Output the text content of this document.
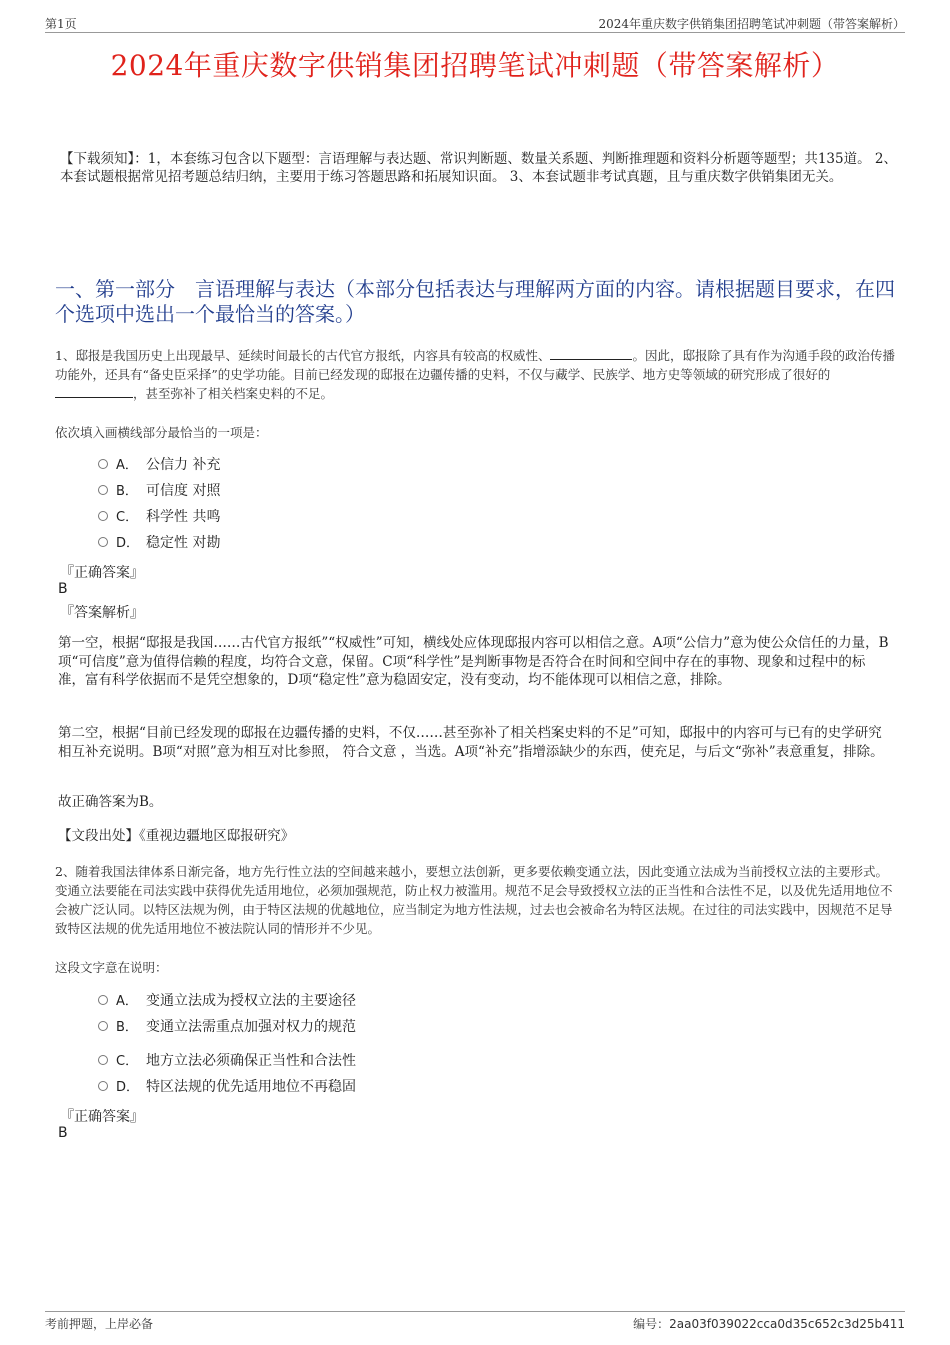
第1页	2024年重庆数字供销集团招聘笔试冲刺题（带答案解析）
2024年重庆数字供销集团招聘笔试冲刺题（带答案解析）
【下载须知】：1，本套练习包含以下题型：言语理解与表达题、常识判断题、数量关系题、判断推理题和资料分析题等题型；共135道。 2、本套试题根据常见招考题总结归纳，主要用于练习答题思路和拓展知识面。 3、本套试题非考试真题，且与重庆数字供销集团无关。
一、第一部分　言语理解与表达（本部分包括表达与理解两方面的内容。请根据题目要求，在四个选项中选出一个最恰当的答案。）
1、邸报是我国历史上出现最早、延续时间最长的古代官方报纸，内容具有较高的权威性、	。因此，邸报除了具有作为沟通手段的政治传播功能外，还具有“备史臣采择”的史学功能。目前已经发现的邸报在边疆传播的史料，不仅与藏学、民族学、地方史等领域的研究形成了很好的，甚至弥补了相关档案史料的不足。
依次填入画横线部分最恰当的一项是：
A． 公信力 补充
B． 可信度 对照
C． 科学性 共鸣
D． 稳定性 对勘
『正确答案』
B
『答案解析』
第一空，根据“邸报是我国……古代官方报纸”“权威性”可知，横线处应体现邸报内容可以相信之意。A项“公信力”意为使公众信任的力量，B项“可信度”意为值得信赖的程度，均符合文意，保留。C项“科学性”是判断事物是否符合在时间和空间中存在的事物、现象和过程中的标准，富有科学依据而不是凭空想象的，D项“稳定性”意为稳固安定，没有变动，均不能体现可以相信之意，排除。
第二空，根据“目前已经发现的邸报在边疆传播的史料，不仅……甚至弥补了相关档案史料的不足”可知，邸报中的内容可与已有的史学研究相互补充说明。B项“对照”意为相互对比参照， 符合文意 ，当选。A项“补充”指增添缺少的东西，使充足，与后文“弥补”表意重复，排除。
故正确答案为B。
【文段出处】《重视边疆地区邸报研究》
2、随着我国法律体系日渐完备，地方先行性立法的空间越来越小，要想立法创新，更多要依赖变通立法，因此变通立法成为当前授权立法的主要形式。变通立法要能在司法实践中获得优先适用地位，必须加强规范，防止权力被滥用。规范不足会导致授权立法的正当性和合法性不足，以及优先适用地位不会被广泛认同。以特区法规为例，由于特区法规的优越地位，应当制定为地方性法规，过去也会被命名为特区法规。在过往的司法实践中，因规范不足导致特区法规的优先适用地位不被法院认同的情形并不少见。
这段文字意在说明：
A． 变通立法成为授权立法的主要途径
B． 变通立法需重点加强对权力的规范
C． 地方立法必须确保正当性和合法性
D． 特区法规的优先适用地位不再稳固
『正确答案』
B
考前押题，上岸必备	编号：2aa03f039022cca0d35c652c3d25b411
